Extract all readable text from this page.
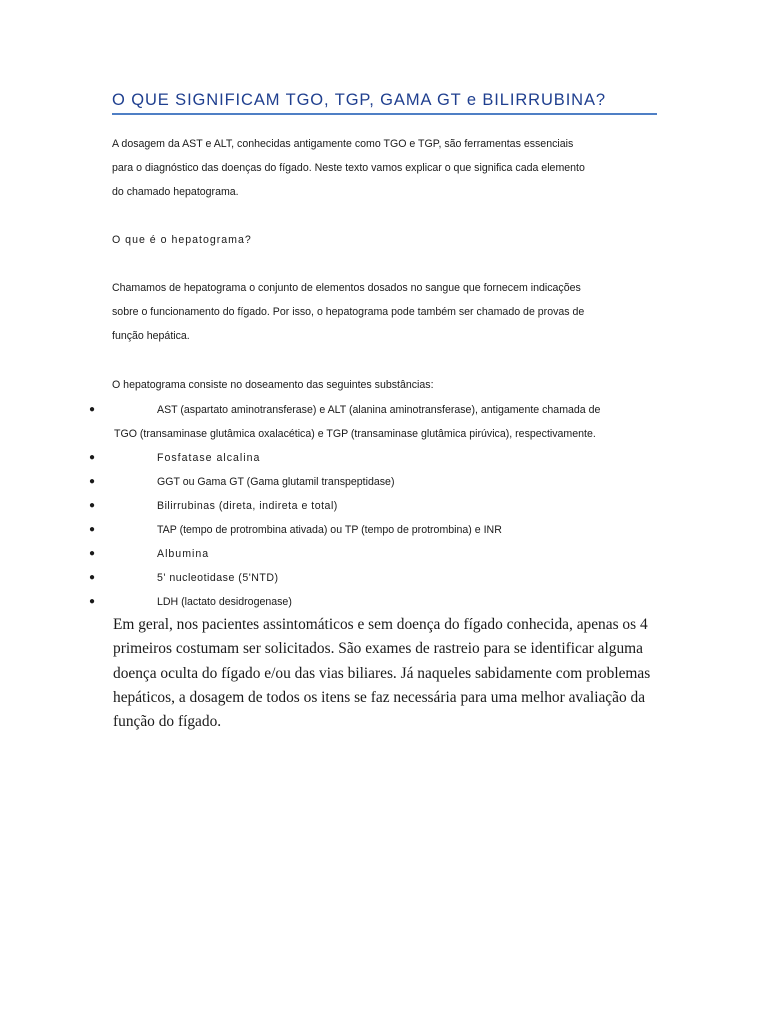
O QUE SIGNIFICAM TGO, TGP, GAMA GT e BILIRRUBINA?
A dosagem da AST e ALT, conhecidas antigamente como TGO e TGP, são ferramentas essenciais
para o diagnóstico das doenças do fígado. Neste texto vamos explicar o que significa cada elemento
do chamado hepatograma.
O que é o hepatograma?
Chamamos de hepatograma o conjunto de elementos dosados no sangue que fornecem indicações
sobre o funcionamento do fígado. Por isso, o hepatograma pode também ser chamado de provas de
função hepática.
O hepatograma consiste no doseamento das seguintes substâncias:
●	AST (aspartato aminotransferase) e ALT (alanina aminotransferase), antigamente chamada de
TGO (transaminase glutâmica oxalacética) e TGP (transaminase glutâmica pirúvica), respectivamente.
●	Fosfatase alcalina
●	GGT ou Gama GT (Gama glutamil transpeptidase)
●	Bilirrubinas (direta, indireta e total)
●	TAP (tempo de protrombina ativada) ou TP (tempo de protrombina) e INR
●	Albumina
●	5' nucleotidase (5'NTD)
●	LDH (lactato desidrogenase)
Em geral, nos pacientes assintomáticos e sem doença do fígado conhecida, apenas os 4
primeiros costumam ser solicitados. São exames de rastreio para se identificar alguma
doença oculta do fígado e/ou das vias biliares. Já naqueles sabidamente com problemas
hepáticos, a dosagem de todos os itens se faz necessária para uma melhor avaliação da
função do fígado.
